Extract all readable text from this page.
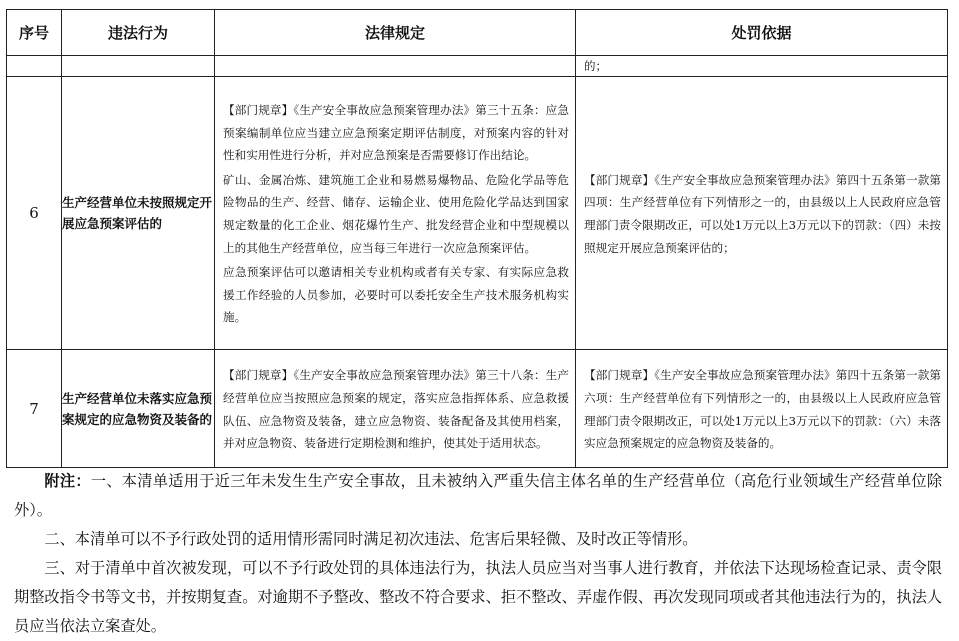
序号	违法行为	法律规定	处罚依据

			的；

6	生产经营单位未按照规定开展应急预案评估的	【部门规章】《生产安全事故应急预案管理办法》第三十五条：应急预案编制单位应当建立应急预案定期评估制度，对预案内容的针对性和实用性进行分析，并对应急预案是否需要修订作出结论。
矿山、金属冶炼、建筑施工企业和易燃易爆物品、危险化学品等危险物品的生产、经营、储存、运输企业、使用危险化学品达到国家规定数量的化工企业、烟花爆竹生产、批发经营企业和中型规模以上的其他生产经营单位，应当每三年进行一次应急预案评估。
应急预案评估可以邀请相关专业机构或者有关专家、有实际应急救援工作经验的人员参加，必要时可以委托安全生产技术服务机构实施。	【部门规章】《生产安全事故应急预案管理办法》第四十五条第一款第四项：生产经营单位有下列情形之一的，由县级以上人民政府应急管理部门责令限期改正，可以处1万元以上3万元以下的罚款：（四）未按照规定开展应急预案评估的；

7	生产经营单位未落实应急预案规定的应急物资及装备的	【部门规章】《生产安全事故应急预案管理办法》第三十八条：生产经营单位应当按照应急预案的规定，落实应急指挥体系、应急救援队伍、应急物资及装备，建立应急物资、装备配备及其使用档案，并对应急物资、装备进行定期检测和维护，使其处于适用状态。	【部门规章】《生产安全事故应急预案管理办法》第四十五条第一款第六项：生产经营单位有下列情形之一的，由县级以上人民政府应急管理部门责令限期改正，可以处1万元以上3万元以下的罚款：（六）未落实应急预案规定的应急物资及装备的。

附注：一、本清单适用于近三年未发生生产安全事故，且未被纳入严重失信主体名单的生产经营单位（高危行业领域生产经营单位除外）。

二、本清单可以不予行政处罚的适用情形需同时满足初次违法、危害后果轻微、及时改正等情形。

三、对于清单中首次被发现，可以不予行政处罚的具体违法行为，执法人员应当对当事人进行教育，并依法下达现场检查记录、责令限期整改指令书等文书，并按期复查。对逾期不予整改、整改不符合要求、拒不整改、弄虚作假、再次发现同项或者其他违法行为的，执法人员应当依法立案查处。
